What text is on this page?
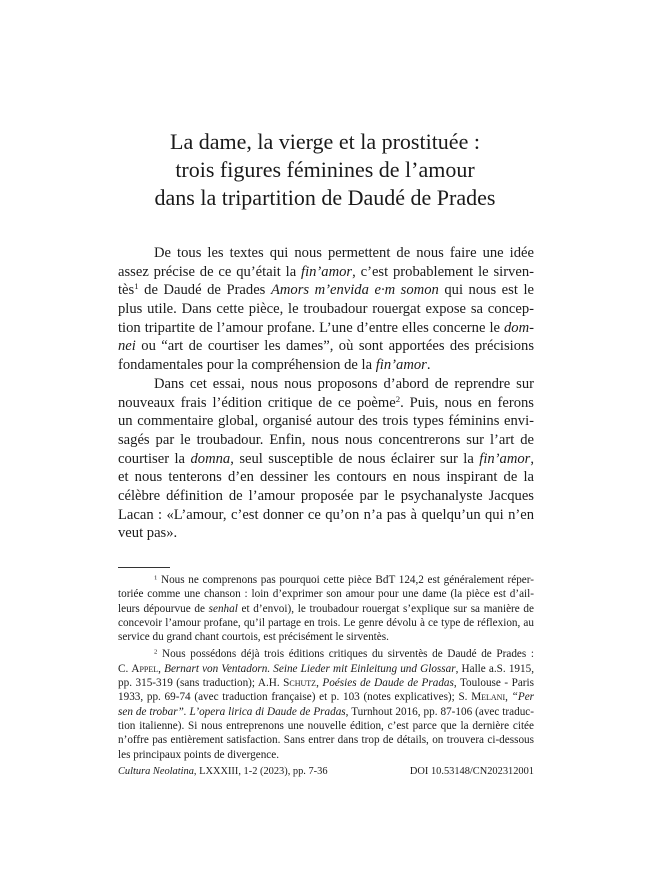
La dame, la vierge et la prostituée :
trois figures féminines de l’amour
dans la tripartition de Daudé de Prades
De tous les textes qui nous permettent de nous faire une idée
assez précise de ce qu’était la fin’amor, c’est probablement le sirven-
tès$^1$ de Daudé de Prades Amors m’envida e·m somon qui nous est le
plus utile. Dans cette pièce, le troubadour rouergat expose sa concep-
tion tripartite de l’amour profane. L’une d’entre elles concerne le dom-
nei ou “art de courtiser les dames”, où sont apportées des précisions
fondamentales pour la compréhension de la fin’amor.
Dans cet essai, nous nous proposons d’abord de reprendre sur
nouveaux frais l’édition critique de ce poème$^2$. Puis, nous en ferons
un commentaire global, organisé autour des trois types féminins envi-
sagés par le troubadour. Enfin, nous nous concentrerons sur l’art de
courtiser la domna, seul susceptible de nous éclairer sur la fin’amor,
et nous tenterons d’en dessiner les contours en nous inspirant de la
célèbre définition de l’amour proposée par le psychanalyste Jacques
Lacan : «L’amour, c’est donner ce qu’on n’a pas à quelqu’un qui n’en
veut pas».
$^1$ Nous ne comprenons pas pourquoi cette pièce BdT 124,2 est généralement réper-
toriée comme une chanson : loin d’exprimer son amour pour une dame (la pièce est d’ail-
leurs dépourvue de senhal et d’envoi), le troubadour rouergat s’explique sur sa manière de
concevoir l’amour profane, qu’il partage en trois. Le genre dévolu à ce type de réflexion, au
service du grand chant courtois, est précisément le sirventès.
$^2$ Nous possédons déjà trois éditions critiques du sirventès de Daudé de Prades :
C. Appel, Bernart von Ventadorn. Seine Lieder mit Einleitung und Glossar, Halle a.S. 1915,
pp. 315-319 (sans traduction); A.H. Schutz, Poésies de Daude de Pradas, Toulouse - Paris
1933, pp. 69-74 (avec traduction française) et p. 103 (notes explicatives); S. Melani, “Per
sen de trobar”. L’opera lirica di Daude de Pradas, Turnhout 2016, pp. 87-106 (avec traduc-
tion italienne). Si nous entreprenons une nouvelle édition, c’est parce que la dernière citée
n’offre pas entièrement satisfaction. Sans entrer dans trop de détails, on trouvera ci-dessous
les principaux points de divergence.
Cultura Neolatina, LXXXIII, 1-2 (2023), pp. 7-36	DOI 10.53148/CN202312001
